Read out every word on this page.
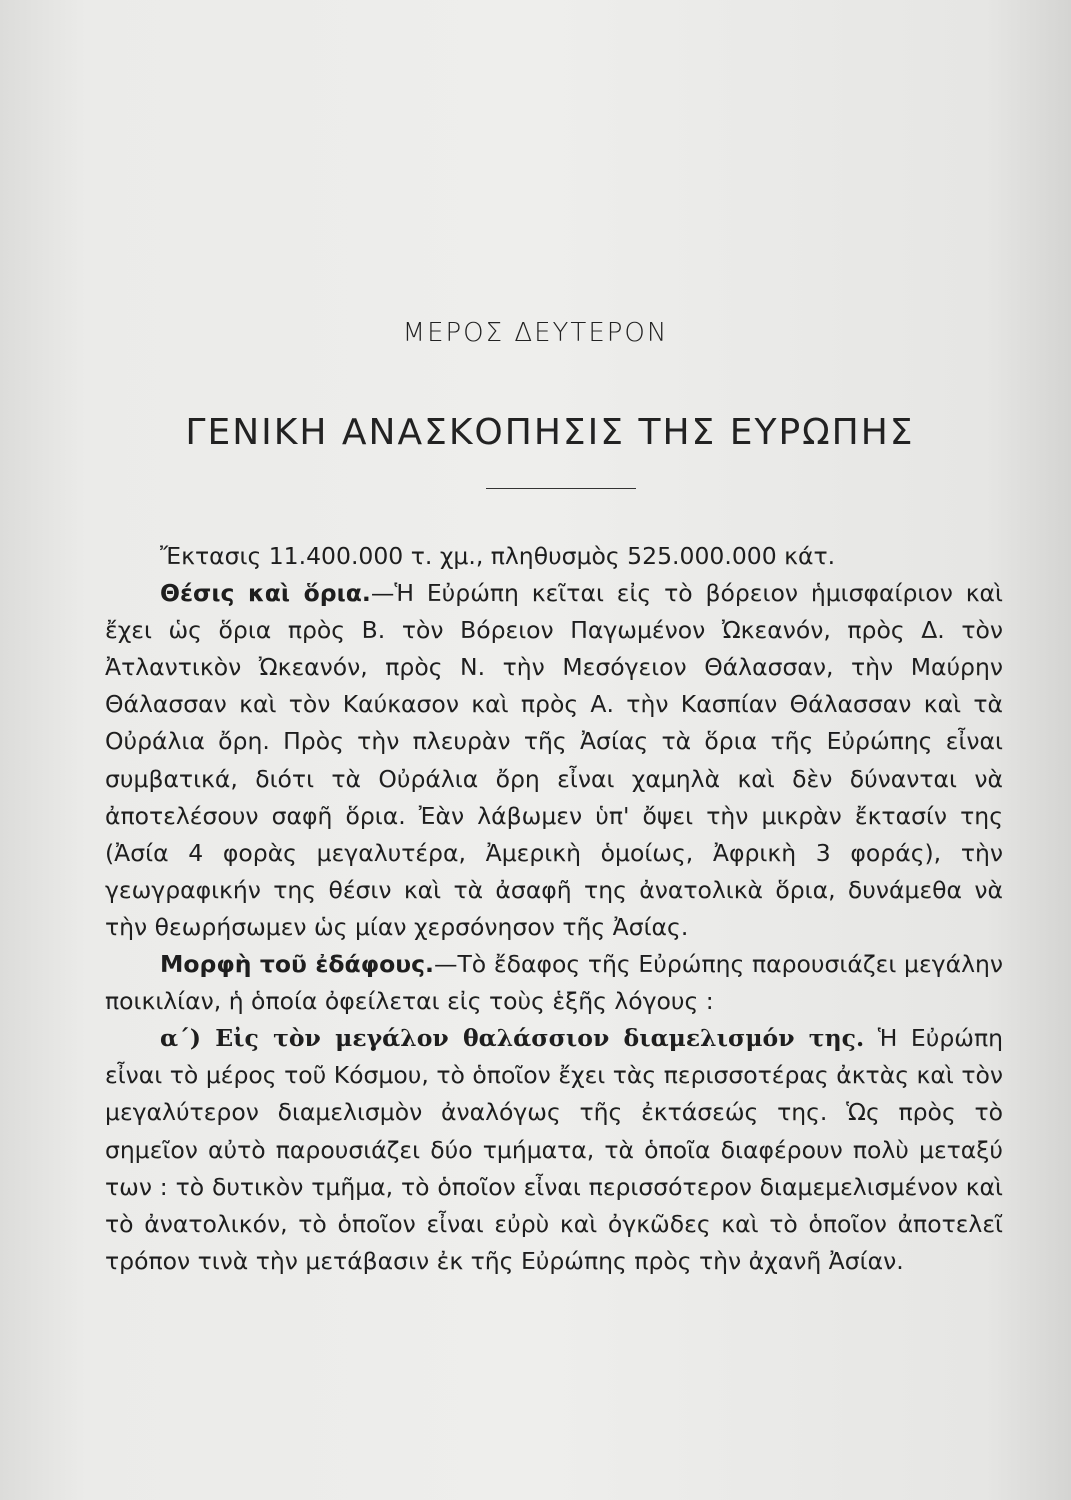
ΜΕΡΟΣ ΔΕΥΤΕΡΟΝ
ΓΕΝΙΚΗ ΑΝΑΣΚΟΠΗΣΙΣ ΤΗΣ ΕΥΡΩΠΗΣ

Ἔκτασις 11.400.000 τ. χμ., πληθυσμὸς 525.000.000 κάτ.

Θέσις καὶ ὅρια.—Ἡ Εὐρώπη κεῖται εἰς τὸ βόρειον ἡμισφαίριον καὶ ἔχει ὡς ὅρια πρὸς Β. τὸν Βόρειον Παγωμένον Ὠκεανόν, πρὸς Δ. τὸν Ἀτλαντικὸν Ὠκεανόν, πρὸς Ν. τὴν Μεσόγειον Θάλασσαν, τὴν Μαύρην Θάλασσαν καὶ τὸν Καύκασον καὶ πρὸς Α. τὴν Κασπίαν Θάλασσαν καὶ τὰ Οὐράλια ὄρη. Πρὸς τὴν πλευρὰν τῆς Ἀσίας τὰ ὅρια τῆς Εὐρώπης εἶναι συμβατικά, διότι τὰ Οὐράλια ὄρη εἶναι χαμηλὰ καὶ δὲν δύνανται νὰ ἀποτελέσουν σαφῆ ὅρια. Ἐὰν λάβωμεν ὑπ' ὄψει τὴν μικρὰν ἔκτασίν της (Ἀσία 4 φορὰς μεγαλυτέρα, Ἀμερικὴ ὁμοίως, Ἀφρικὴ 3 φοράς), τὴν γεωγραφικήν της θέσιν καὶ τὰ ἀσαφῆ της ἀνατολικὰ ὅρια, δυνάμεθα νὰ τὴν θεωρήσωμεν ὡς μίαν χερσόνησον τῆς Ἀσίας.

Μορφὴ τοῦ ἐδάφους.—Τὸ ἔδαφος τῆς Εὐρώπης παρουσιάζει μεγάλην ποικιλίαν, ἡ ὁποία ὀφείλεται εἰς τοὺς ἑξῆς λόγους :

α΄) Εἰς τὸν μεγάλον θαλάσσιον διαμελισμόν της. Ἡ Εὐρώπη εἶναι τὸ μέρος τοῦ Κόσμου, τὸ ὁποῖον ἔχει τὰς περισσοτέρας ἀκτὰς καὶ τὸν μεγαλύτερον διαμελισμὸν ἀναλόγως τῆς ἐκτάσεώς της. Ὡς πρὸς τὸ σημεῖον αὐτὸ παρουσιάζει δύο τμήματα, τὰ ὁποῖα διαφέρουν πολὺ μεταξύ των : τὸ δυτικὸν τμῆμα, τὸ ὁποῖον εἶναι περισσότερον διαμεμελισμένον καὶ τὸ ἀνατολικόν, τὸ ὁποῖον εἶναι εὐρὺ καὶ ὀγκῶδες καὶ τὸ ὁποῖον ἀποτελεῖ τρόπον τινὰ τὴν μετάβασιν ἐκ τῆς Εὐρώπης πρὸς τὴν ἀχανῆ Ἀσίαν.
